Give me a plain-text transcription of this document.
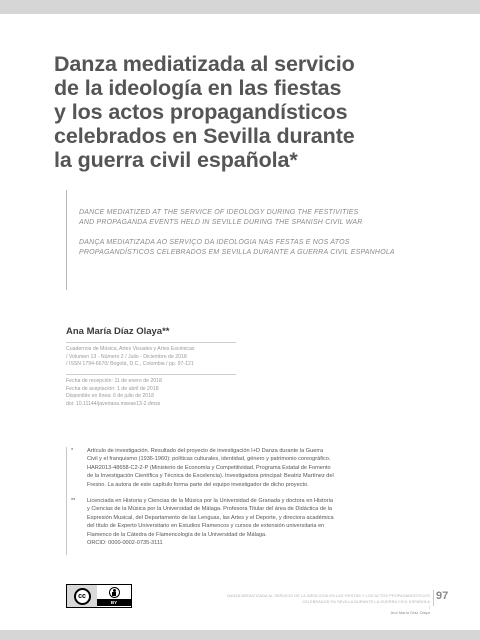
Danza mediatizada al servicio
de la ideología en las fiestas
y los actos propagandísticos
celebrados en Sevilla durante
la guerra civil española*
DANCE MEDIATIZED AT THE SERVICE OF IDEOLOGY DURING THE FESTIVITIES
AND PROPAGANDA EVENTS HELD IN SEVILLE DURING THE SPANISH CIVIL WAR
DANÇA MEDIATIZADA AO SERVIÇO DA IDEOLOGIA NAS FESTAS E NOS ATOS
PROPAGANDÍSTICOS CELEBRADOS EM SEVILLA DURANTE A GUERRA CIVIL ESPANHOLA
Ana María Díaz Olaya**
Cuadernos de Música, Artes Visuales y Artes Escénicas
/ Volumen 13 - Número 2 / Julio - Diciembre de 2018
/ ISSN 1794-6670/ Bogotá, D.C., Colombia / pp. 97-121
Fecha de recepción: 11 de enero de 2018
Fecha de aceptación: 1 de abril de 2018
Disponible en línea: 6 de julio de 2018
doi: 10.11144/javeriana.mavae13-2.dmss
*	Artículo de investigación. Resultado del proyecto de investigación I+D Danza durante la Guerra
Civil y el franquismo (1936-1960): políticas culturales, identidad, género y patrimonio coreográfico.
HAR2013-48658-C2-2-P (Ministerio de Economía y Competitividad. Programa Estatal de Fomento
de la Investigación Científica y Técnica de Excelencia). Investigadora principal: Beatriz Martínez del
Fresno. La autora de este capítulo forma parte del equipo investigador de dicho proyecto.
**	Licenciada en Historia y Ciencias de la Música por la Universidad de Granada y doctora en Historia
y Ciencias de la Música por la Universidad de Málaga. Profesora Titular del área de Didáctica de la
Expresión Musical, del Departamento de las Lenguas, las Artes y el Deporte, y directora académica
del título de Experto Universitario en Estudios Flamencos y cursos de extensión universitaria en
Flamenco de la Cátedra de Flamencología de la Universidad de Málaga.
ORCID: 0000-0002-0735-3111
cc
BY
DANZA MEDIATIZADA AL SERVICIO DE LA IDEOLOGÍA EN LAS FIESTAS Y LOS ACTOS PROPAGANDÍSTICOS
CELEBRADOS EN SEVILLA DURANTE LA GUERRA CIVIL ESPAÑOLA
|
Ana María Díaz Olaya
97
